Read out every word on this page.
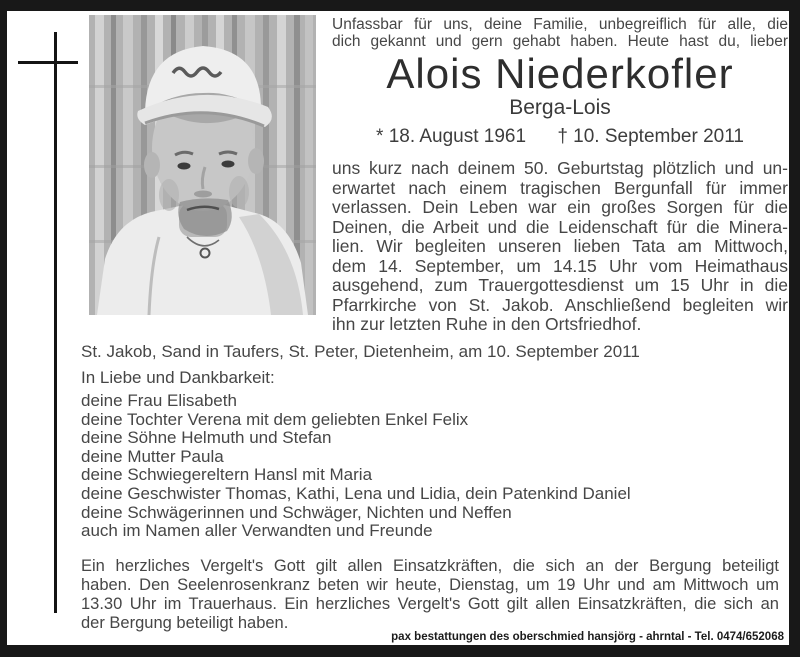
Unfassbar für uns, deine Familie, unbegreiflich für alle, die
dich gekannt und gern gehabt haben. Heute hast du, lieber
Alois Niederkofler
Berga-Lois
* 18. August 1961 † 10. September 2011
uns kurz nach deinem 50. Geburtstag plötzlich und un-
erwartet nach einem tragischen Bergunfall für immer
verlassen. Dein Leben war ein großes Sorgen für die
Deinen, die Arbeit und die Leidenschaft für die Minera-
lien. Wir begleiten unseren lieben Tata am Mittwoch,
dem 14. September, um 14.15 Uhr vom Heimathaus
ausgehend, zum Trauergottesdienst um 15 Uhr in die
Pfarrkirche von St. Jakob. Anschließend begleiten wir
ihn zur letzten Ruhe in den Ortsfriedhof.
St. Jakob, Sand in Taufers, St. Peter, Dietenheim, am 10. September 2011
In Liebe und Dankbarkeit:
deine Frau Elisabeth
deine Tochter Verena mit dem geliebten Enkel Felix
deine Söhne Helmuth und Stefan
deine Mutter Paula
deine Schwiegereltern Hansl mit Maria
deine Geschwister Thomas, Kathi, Lena und Lidia, dein Patenkind Daniel
deine Schwägerinnen und Schwäger, Nichten und Neffen
auch im Namen aller Verwandten und Freunde
Ein herzliches Vergelt's Gott gilt allen Einsatzkräften, die sich an der Bergung beteiligt
haben. Den Seelenrosenkranz beten wir heute, Dienstag, um 19 Uhr und am Mittwoch um
13.30 Uhr im Trauerhaus. Ein herzliches Vergelt's Gott gilt allen Einsatzkräften, die sich an
der Bergung beteiligt haben.
pax bestattungen des oberschmied hansjörg - ahrntal - Tel. 0474/652068
